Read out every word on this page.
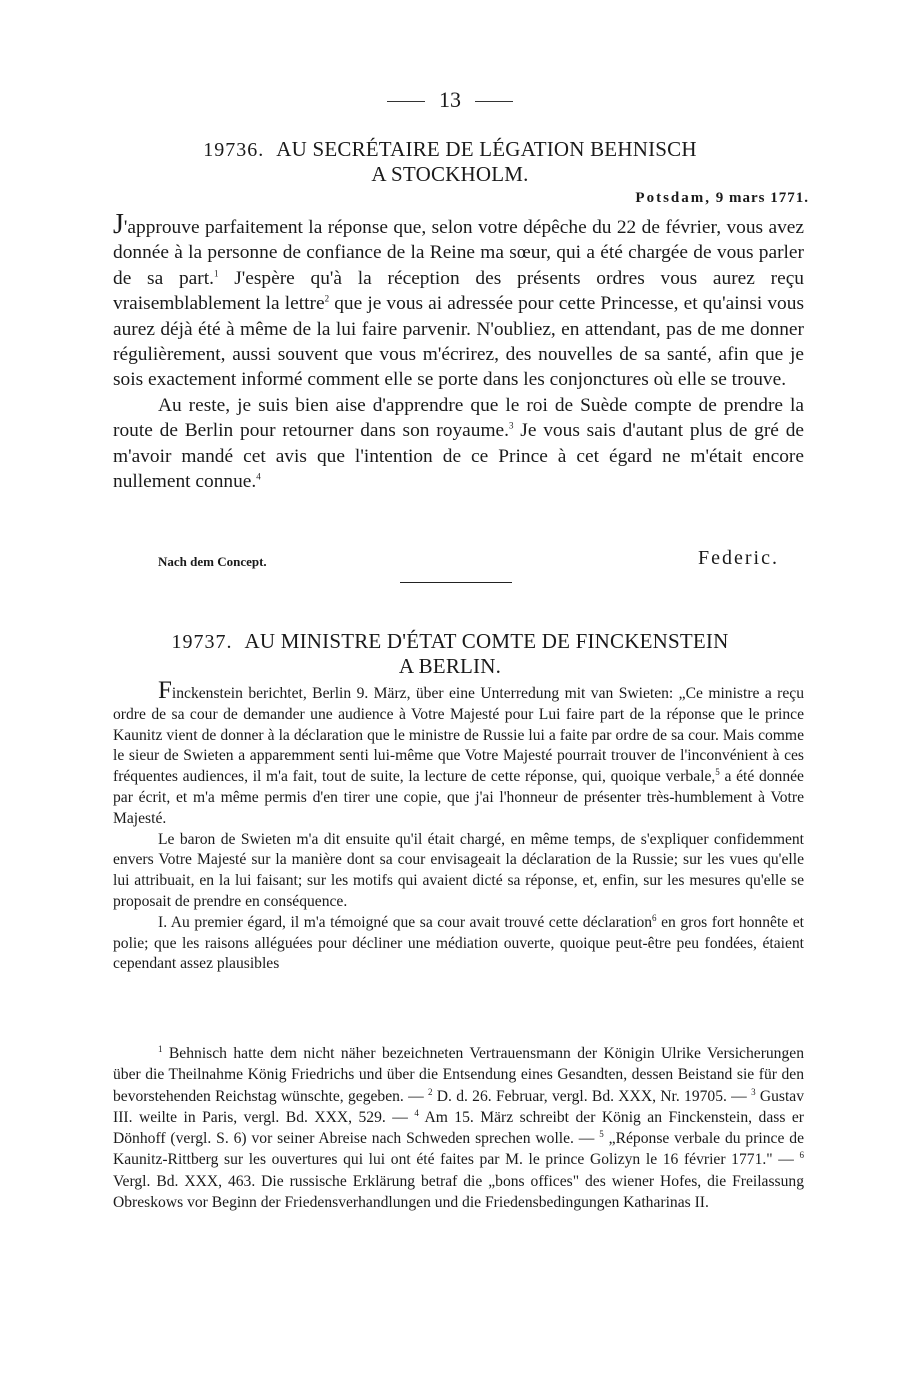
13
19736. AU SECRÉTAIRE DE LÉGATION BEHNISCH
A STOCKHOLM.
Potsdam, 9 mars 1771.

J'approuve parfaitement la réponse que, selon votre dépêche du 22 de février, vous avez donnée à la personne de confiance de la Reine ma sœur, qui a été chargée de vous parler de sa part.$^1$ J'espère qu'à la réception des présents ordres vous aurez reçu vraisemblablement la lettre$^2$ que je vous ai adressée pour cette Princesse, et qu'ainsi vous aurez déjà été à même de la lui faire parvenir. N'oubliez, en attendant, pas de me donner régulièrement, aussi souvent que vous m'écrirez, des nouvelles de sa santé, afin que je sois exactement informé comment elle se porte dans les conjonctures où elle se trouve.

Au reste, je suis bien aise d'apprendre que le roi de Suède compte de prendre la route de Berlin pour retourner dans son royaume.$^3$ Je vous sais d'autant plus de gré de m'avoir mandé cet avis que l'intention de ce Prince à cet égard ne m'était encore nullement connue.$^4$

Nach dem Concept.	Federic.
19737. AU MINISTRE D'ÉTAT COMTE DE FINCKENSTEIN
A BERLIN.

Finckenstein berichtet, Berlin 9. März, über eine Unterredung mit van Swieten: „Ce ministre a reçu ordre de sa cour de demander une audience à Votre Majesté pour Lui faire part de la réponse que le prince Kaunitz vient de donner à la déclaration que le ministre de Russie lui a faite par ordre de sa cour. Mais comme le sieur de Swieten a apparemment senti lui-même que Votre Majesté pourrait trouver de l'inconvénient à ces fréquentes audiences, il m'a fait, tout de suite, la lecture de cette réponse, qui, quoique verbale,$^5$ a été donnée par écrit, et m'a même permis d'en tirer une copie, que j'ai l'honneur de présenter très-humblement à Votre Majesté.

Le baron de Swieten m'a dit ensuite qu'il était chargé, en même temps, de s'expliquer confidemment envers Votre Majesté sur la manière dont sa cour envisageait la déclaration de la Russie; sur les vues qu'elle lui attribuait, en la lui faisant; sur les motifs qui avaient dicté sa réponse, et, enfin, sur les mesures qu'elle se proposait de prendre en conséquence.

I. Au premier égard, il m'a témoigné que sa cour avait trouvé cette déclaration$^6$ en gros fort honnête et polie; que les raisons alléguées pour décliner une médiation ouverte, quoique peut-être peu fondées, étaient cependant assez plausibles

$^1$ Behnisch hatte dem nicht näher bezeichneten Vertrauensmann der Königin Ulrike Versicherungen über die Theilnahme König Friedrichs und über die Entsendung eines Gesandten, dessen Beistand sie für den bevorstehenden Reichstag wünschte, gegeben. — $^2$ D. d. 26. Februar, vergl. Bd. XXX, Nr. 19705. — $^3$ Gustav III. weilte in Paris, vergl. Bd. XXX, 529. — $^4$ Am 15. März schreibt der König an Finckenstein, dass er Dönhoff (vergl. S. 6) vor seiner Abreise nach Schweden sprechen wolle. — $^5$ „Réponse verbale du prince de Kaunitz-Rittberg sur les ouvertures qui lui ont été faites par M. le prince Golizyn le 16 février 1771." — $^6$ Vergl. Bd. XXX, 463. Die russische Erklärung betraf die „bons offices" des wiener Hofes, die Freilassung Obreskows vor Beginn der Friedensverhandlungen und die Friedensbedingungen Katharinas II.
